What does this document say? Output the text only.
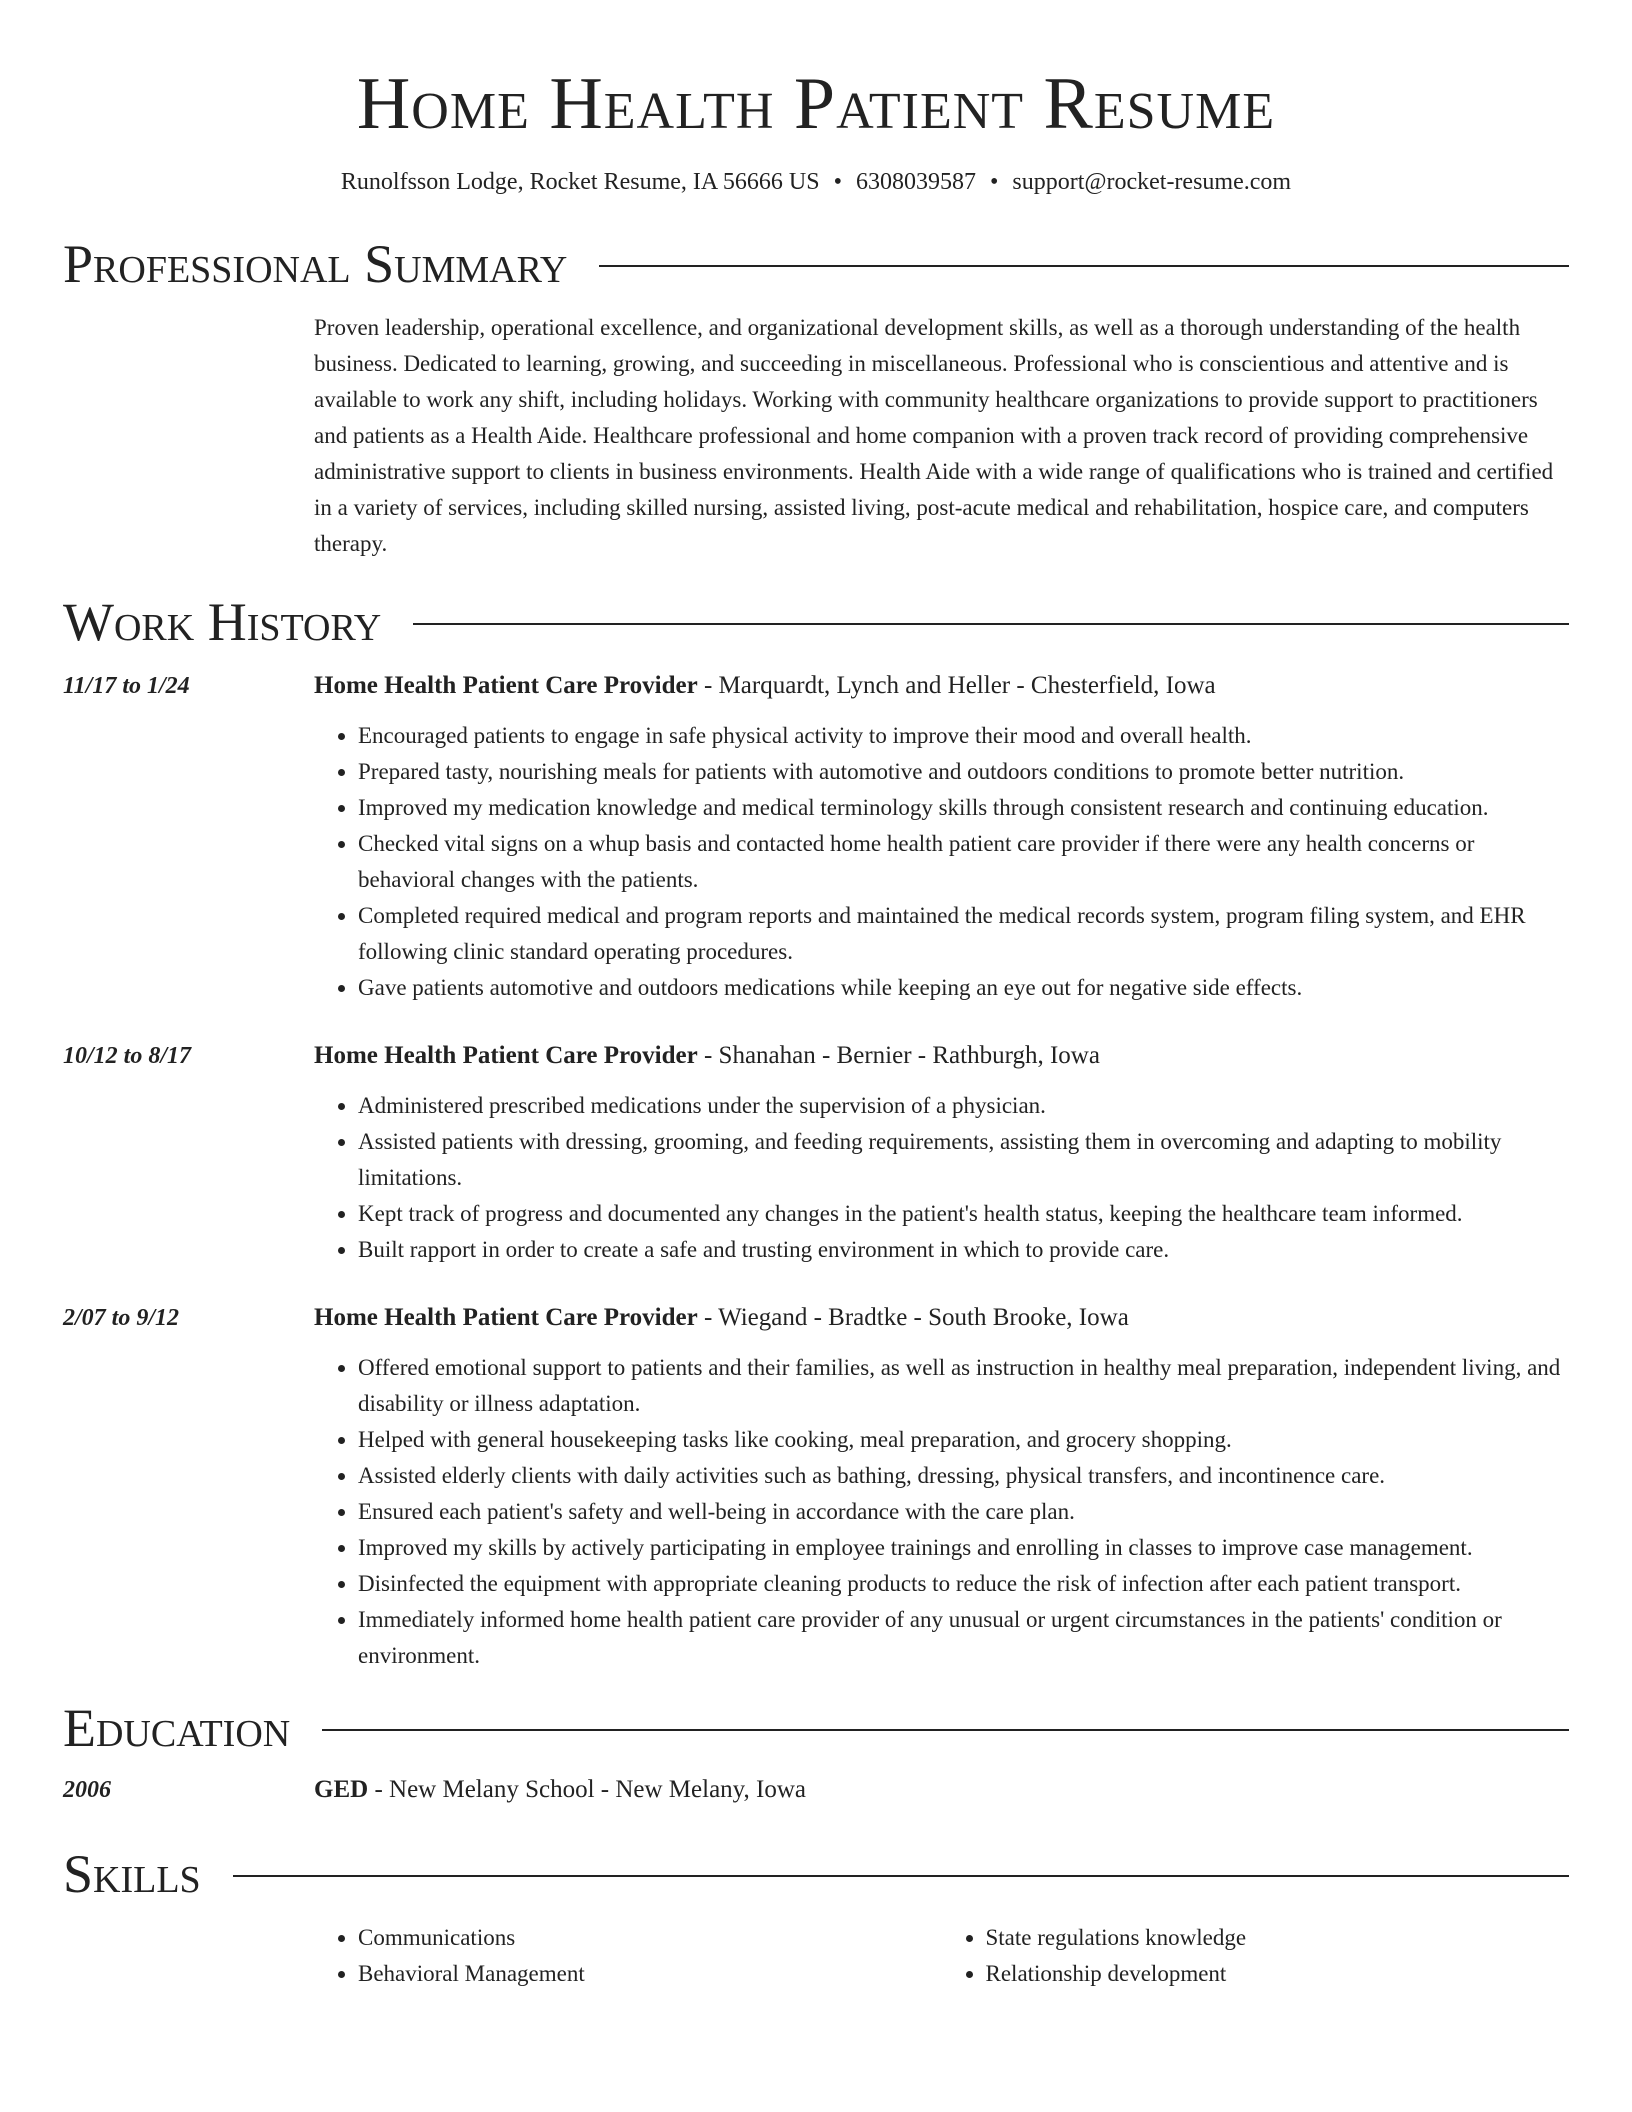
Home Health Patient Resume
Runolfsson Lodge, Rocket Resume, IA 56666 US • 6308039587 • support@rocket-resume.com
Professional Summary
Proven leadership, operational excellence, and organizational development skills, as well as a thorough understanding of the health business. Dedicated to learning, growing, and succeeding in miscellaneous. Professional who is conscientious and attentive and is available to work any shift, including holidays. Working with community healthcare organizations to provide support to practitioners and patients as a Health Aide. Healthcare professional and home companion with a proven track record of providing comprehensive administrative support to clients in business environments. Health Aide with a wide range of qualifications who is trained and certified in a variety of services, including skilled nursing, assisted living, post-acute medical and rehabilitation, hospice care, and computers therapy.
Work History
11/17 to 1/24	Home Health Patient Care Provider - Marquardt, Lynch and Heller - Chesterfield, Iowa
• Encouraged patients to engage in safe physical activity to improve their mood and overall health.
• Prepared tasty, nourishing meals for patients with automotive and outdoors conditions to promote better nutrition.
• Improved my medication knowledge and medical terminology skills through consistent research and continuing education.
• Checked vital signs on a whup basis and contacted home health patient care provider if there were any health concerns or behavioral changes with the patients.
• Completed required medical and program reports and maintained the medical records system, program filing system, and EHR following clinic standard operating procedures.
• Gave patients automotive and outdoors medications while keeping an eye out for negative side effects.
10/12 to 8/17	Home Health Patient Care Provider - Shanahan - Bernier - Rathburgh, Iowa
• Administered prescribed medications under the supervision of a physician.
• Assisted patients with dressing, grooming, and feeding requirements, assisting them in overcoming and adapting to mobility limitations.
• Kept track of progress and documented any changes in the patient's health status, keeping the healthcare team informed.
• Built rapport in order to create a safe and trusting environment in which to provide care.
2/07 to 9/12	Home Health Patient Care Provider - Wiegand - Bradtke - South Brooke, Iowa
• Offered emotional support to patients and their families, as well as instruction in healthy meal preparation, independent living, and disability or illness adaptation.
• Helped with general housekeeping tasks like cooking, meal preparation, and grocery shopping.
• Assisted elderly clients with daily activities such as bathing, dressing, physical transfers, and incontinence care.
• Ensured each patient's safety and well-being in accordance with the care plan.
• Improved my skills by actively participating in employee trainings and enrolling in classes to improve case management.
• Disinfected the equipment with appropriate cleaning products to reduce the risk of infection after each patient transport.
• Immediately informed home health patient care provider of any unusual or urgent circumstances in the patients' condition or environment.
Education
2006	GED - New Melany School - New Melany, Iowa
Skills
• Communications
• Behavioral Management
• State regulations knowledge
• Relationship development
